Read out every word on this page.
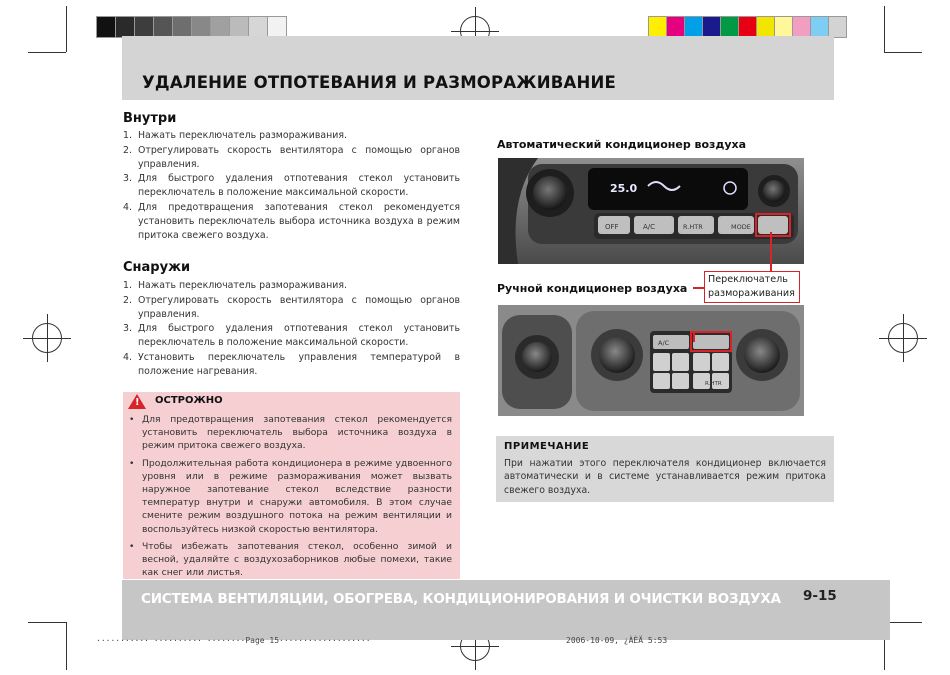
УДАЛЕНИЕ ОТПОТЕВАНИЯ И РАЗМОРАЖИВАНИЕ
Внутри
1. Нажать переключатель размораживания.
2. Отрегулировать скорость вентилятора с помощью органов управления.
3. Для быстрого удаления отпотевания стекол установить переключатель в положение максимальной скорости.
4. Для предотвращения запотевания стекол рекомендуется установить переключатель выбора источника воздуха в режим притока свежего воздуха.
Снаружи
1. Нажать переключатель размораживания.
2. Отрегулировать скорость вентилятора с помощью органов управления.
3. Для быстрого удаления отпотевания стекол установить переключатель в положение максимальной скорости.
4. Установить переключатель управления температурой в положение нагревания.
!
ОСТРОЖНО
• Для предотвращения запотевания стекол рекомендуется установить переключатель выбора источника воздуха в режим притока свежего воздуха.
• Продолжительная работа кондиционера в режиме удвоенного уровня или в режиме размораживания может вызвать наружное запотевание стекол вследствие разности температур внутри и снаружи автомобиля. В этом случае смените режим воздушного потока на режим вентиляции и воспользуйтесь низкой скоростью вентилятора.
• Чтобы избежать запотевания стекол, особенно зимой и весной, удаляйте с воздухозаборников любые помехи, такие как снег или листья.
Автоматический кондиционер воздуха
25.0
OFF	A/C	R.HTR	MODE
Ручной кондиционер воздуха
A/C
R.HTR
Переключатель
размораживания
ПРИМЕЧАНИЕ
При нажатии этого переключателя кондиционер включается автоматически и в системе устанавливается режим притока свежего воздуха.
СИСТЕМА ВЕНТИЛЯЦИИ, ОБОГРЕВА, КОНДИЦИОНИРОВАНИЯ И ОЧИСТКИ ВОЗДУХА 9-15
··········· ·········· ········Page 15···················	2006-10-09, ¿ÀÈÄ 5:53
